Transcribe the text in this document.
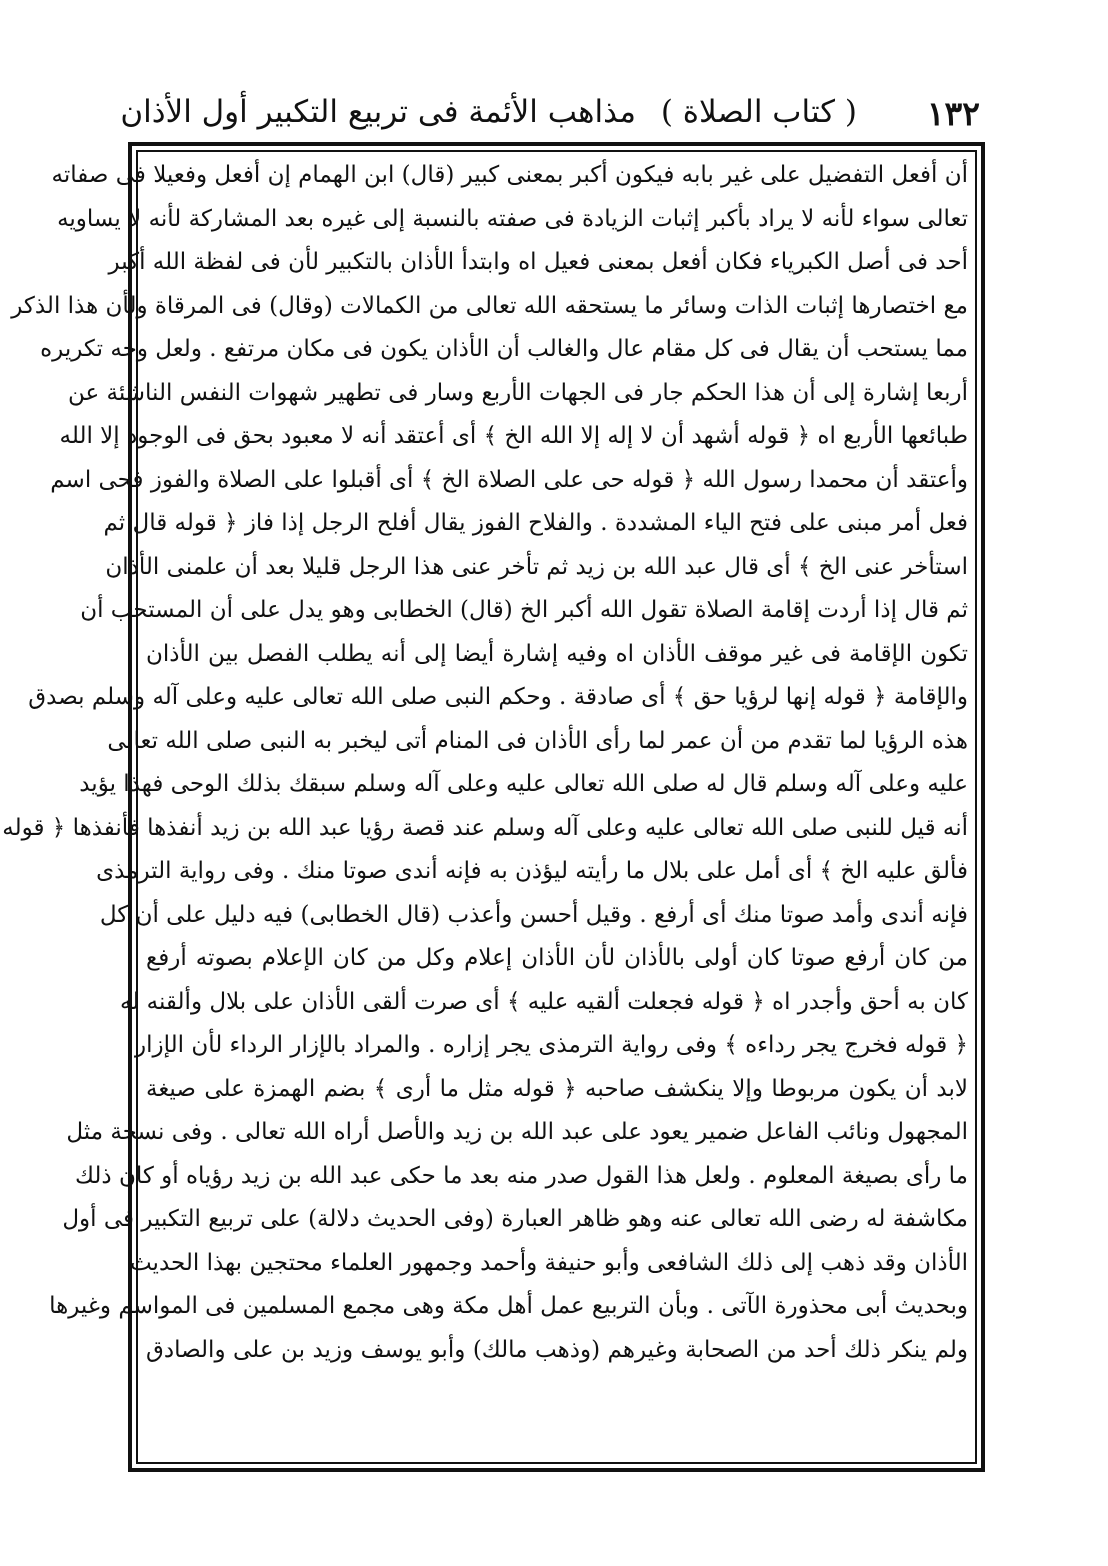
١٣٢
( كتاب الصلاة )
مذاهب الأئمة فى تربيع التكبير أول الأذان
أن أفعل التفضيل على غير بابه فيكون أكبر بمعنى كبير (قال) ابن الهمام إن أفعل وفعيلا فى صفاته
تعالى سواء لأنه لا يراد بأكبر إثبات الزيادة فى صفته بالنسبة إلى غيره بعد المشاركة لأنه لا يساويه
أحد فى أصل الكبرياء فكان أفعل بمعنى فعيل اه وابتدأ الأذان بالتكبير لأن فى لفظة الله أكبر
مع اختصارها إثبات الذات وسائر ما يستحقه الله تعالى من الكمالات (وقال) فى المرقاة ولأن هذا الذكر
مما يستحب أن يقال فى كل مقام عال والغالب أن الأذان يكون فى مكان مرتفع . ولعل وجه تكريره
أربعا إشارة إلى أن هذا الحكم جار فى الجهات الأربع وسار فى تطهير شهوات النفس الناشئة عن
طبائعها الأربع اه ﴿ قوله أشهد أن لا إله إلا الله الخ ﴾ أى أعتقد أنه لا معبود بحق فى الوجود إلا الله
وأعتقد أن محمدا رسول الله ﴿ قوله حى على الصلاة الخ ﴾ أى أقبلوا على الصلاة والفوز فحى اسم
فعل أمر مبنى على فتح الياء المشددة . والفلاح الفوز يقال أفلح الرجل إذا فاز ﴿ قوله قال ثم
استأخر عنى الخ ﴾ أى قال عبد الله بن زيد ثم تأخر عنى هذا الرجل قليلا بعد أن علمنى الأذان
ثم قال إذا أردت إقامة الصلاة تقول الله أكبر الخ (قال) الخطابى وهو يدل على أن المستحب أن
تكون الإقامة فى غير موقف الأذان اه وفيه إشارة أيضا إلى أنه يطلب الفصل بين الأذان
والإقامة ﴿ قوله إنها لرؤيا حق ﴾ أى صادقة . وحكم النبى صلى الله تعالى عليه وعلى آله وسلم بصدق
هذه الرؤيا لما تقدم من أن عمر لما رأى الأذان فى المنام أتى ليخبر به النبى صلى الله تعالى
عليه وعلى آله وسلم قال له صلى الله تعالى عليه وعلى آله وسلم سبقك بذلك الوحى فهذا يؤيد
أنه قيل للنبى صلى الله تعالى عليه وعلى آله وسلم عند قصة رؤيا عبد الله بن زيد أنفذها فأنفذها ﴿ قوله
فألق عليه الخ ﴾ أى أمل على بلال ما رأيته ليؤذن به فإنه أندى صوتا منك . وفى رواية الترمذى
فإنه أندى وأمد صوتا منك أى أرفع . وقيل أحسن وأعذب (قال الخطابى) فيه دليل على أن كل
من كان أرفع صوتا كان أولى بالأذان لأن الأذان إعلام وكل من كان الإعلام بصوته أرفع
كان به أحق وأجدر اه ﴿ قوله فجعلت ألقيه عليه ﴾ أى صرت ألقى الأذان على بلال وألقنه له
﴿ قوله فخرج يجر رداءه ﴾ وفى رواية الترمذى يجر إزاره . والمراد بالإزار الرداء لأن الإزار
لابد أن يكون مربوطا وإلا ينكشف صاحبه ﴿ قوله مثل ما أرى ﴾ بضم الهمزة على صيغة
المجهول ونائب الفاعل ضمير يعود على عبد الله بن زيد والأصل أراه الله تعالى . وفى نسخة مثل
ما رأى بصيغة المعلوم . ولعل هذا القول صدر منه بعد ما حكى عبد الله بن زيد رؤياه أو كان ذلك
مكاشفة له رضى الله تعالى عنه وهو ظاهر العبارة (وفى الحديث دلالة) على تربيع التكبير فى أول
الأذان وقد ذهب إلى ذلك الشافعى وأبو حنيفة وأحمد وجمهور العلماء محتجين بهذا الحديث
وبحديث أبى محذورة الآتى . وبأن التربيع عمل أهل مكة وهى مجمع المسلمين فى المواسم وغيرها
ولم ينكر ذلك أحد من الصحابة وغيرهم (وذهب مالك) وأبو يوسف وزيد بن على والصادق
